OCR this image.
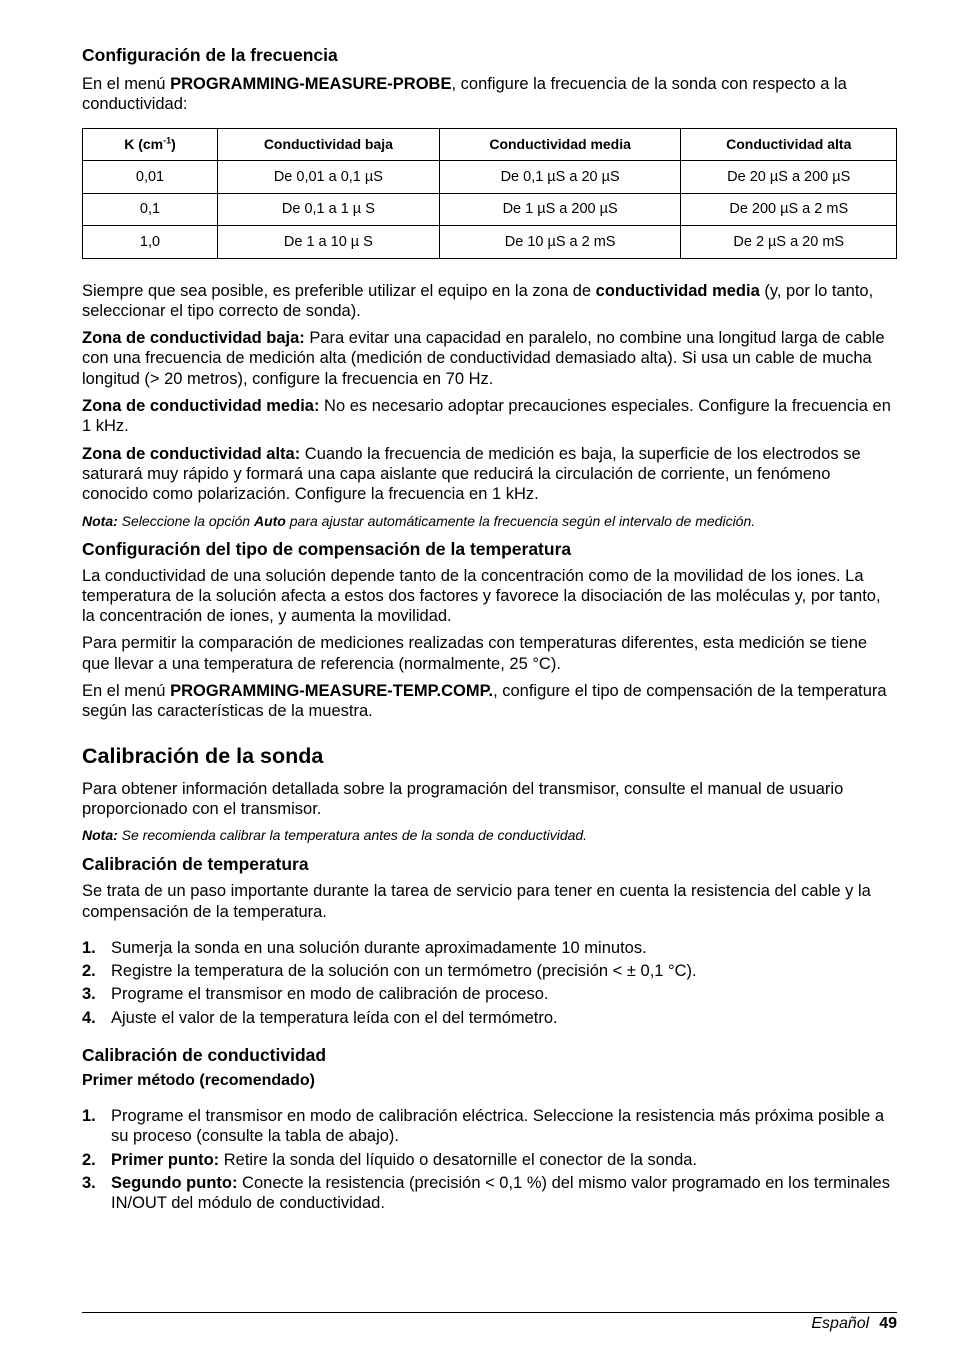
Configuración de la frecuencia

En el menú PROGRAMMING-MEASURE-PROBE, configure la frecuencia de la sonda con respecto a la conductividad:

K $(cm^{-1})$	Conductividad baja	Conductividad media	Conductividad alta
0,01	De 0,01 a 0,1 µS	De 0,1 µS a 20 µS	De 20 µS a 200 µS
0,1	De 0,1 a 1 µ S	De 1 µS a 200 µS	De 200 µS a 2 mS
1,0	De 1 a 10 µ S	De 10 µS a 2 mS	De 2 µS a 20 mS

Siempre que sea posible, es preferible utilizar el equipo en la zona de conductividad media (y, por lo tanto, seleccionar el tipo correcto de sonda).

Zona de conductividad baja: Para evitar una capacidad en paralelo, no combine una longitud larga de cable con una frecuencia de medición alta (medición de conductividad demasiado alta). Si usa un cable de mucha longitud (> 20 metros), configure la frecuencia en 70 Hz.

Zona de conductividad media: No es necesario adoptar precauciones especiales. Configure la frecuencia en 1 kHz.

Zona de conductividad alta: Cuando la frecuencia de medición es baja, la superficie de los electrodos se saturará muy rápido y formará una capa aislante que reducirá la circulación de corriente, un fenómeno conocido como polarización. Configure la frecuencia en 1 kHz.

Nota: Seleccione la opción Auto para ajustar automáticamente la frecuencia según el intervalo de medición.

Configuración del tipo de compensación de la temperatura

La conductividad de una solución depende tanto de la concentración como de la movilidad de los iones. La temperatura de la solución afecta a estos dos factores y favorece la disociación de las moléculas y, por tanto, la concentración de iones, y aumenta la movilidad.

Para permitir la comparación de mediciones realizadas con temperaturas diferentes, esta medición se tiene que llevar a una temperatura de referencia (normalmente, 25 °C).

En el menú PROGRAMMING-MEASURE-TEMP.COMP., configure el tipo de compensación de la temperatura según las características de la muestra.

Calibración de la sonda

Para obtener información detallada sobre la programación del transmisor, consulte el manual de usuario proporcionado con el transmisor.

Nota: Se recomienda calibrar la temperatura antes de la sonda de conductividad.

Calibración de temperatura

Se trata de un paso importante durante la tarea de servicio para tener en cuenta la resistencia del cable y la compensación de la temperatura.

1. Sumerja la sonda en una solución durante aproximadamente 10 minutos.
2. Registre la temperatura de la solución con un termómetro (precisión < ± 0,1 °C).
3. Programe el transmisor en modo de calibración de proceso.
4. Ajuste el valor de la temperatura leída con el del termómetro.
Calibración de conductividad
Primer método (recomendado)
1. Programe el transmisor en modo de calibración eléctrica. Seleccione la resistencia más próxima posible a su proceso (consulte la tabla de abajo).
2. Primer punto: Retire la sonda del líquido o desatornille el conector de la sonda.
3. Segundo punto: Conecte la resistencia (precisión < 0,1 %) del mismo valor programado en los terminales IN/OUT del módulo de conductividad.
Español 49
